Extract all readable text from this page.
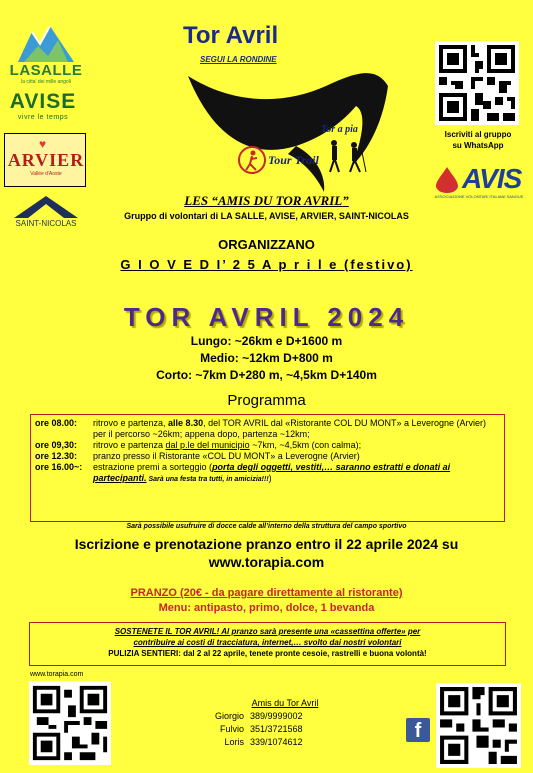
LASALLE
la citta' dei mille angoli
AVISE
vivre le temps
♥
ARVIER
Vallée d'Aoste
SAINT-NICOLAS
Tor Avril
SEGUI LA RONDINE
Tor a pia
Tour Trail
Iscriviti al gruppo
su WhatsApp
AVIS
ASSOCIAZIONE VOLONTARI ITALIANI SANGUE
LES “AMIS DU TOR AVRIL”
Gruppo di volontari di LA SALLE, AVISE, ARVIER, SAINT-NICOLAS
ORGANIZZANO
G I O V E D I’ 2 5 A p r i l e (festivo)
TOR AVRIL 2024
Lungo: ~26km e D+1600 m
Medio: ~12km D+800 m
Corto: ~7km D+280 m, ~4,5km D+140m
Programma
ore 08.00:	ritrovo e partenza, alle 8.30, del TOR AVRIL dal «Ristorante COL DU MONT» a Leverogne (Arvier) per il percorso ~26km; appena dopo, partenza ~12km;
ore 09,30:	ritrovo e partenza dal p.le del municipio ~7km, ~4,5km (con calma);
ore 12.30:	pranzo presso il Ristorante «COL DU MONT» a Leverogne (Arvier)
ore 16.00~:	estrazione premi a sorteggio (porta degli oggetti, vestiti,… saranno estratti e donati ai partecipanti. Sarà una festa tra tutti, in amicizia!!!)
Sarà possibile usufruire di docce calde all’interno della struttura del campo sportivo
Iscrizione e prenotazione pranzo entro il 22 aprile 2024 su
www.torapia.com
PRANZO (20€ - da pagare direttamente al ristorante)
Menu: antipasto, primo, dolce, 1 bevanda
SOSTENETE IL TOR AVRIL! Al pranzo sarà presente una «cassettina offerte» per
contribuire ai costi di tracciatura, internet,… svolto dai nostri volontari
PULIZIA SENTIERI: dal 2 al 22 aprile, tenete pronte cesoie, rastrelli e buona volontà!
www.torapia.com
Amis du Tor Avril
Giorgio 389/9999002
Fulvio 351/3721568
Loris 339/1074612	f
